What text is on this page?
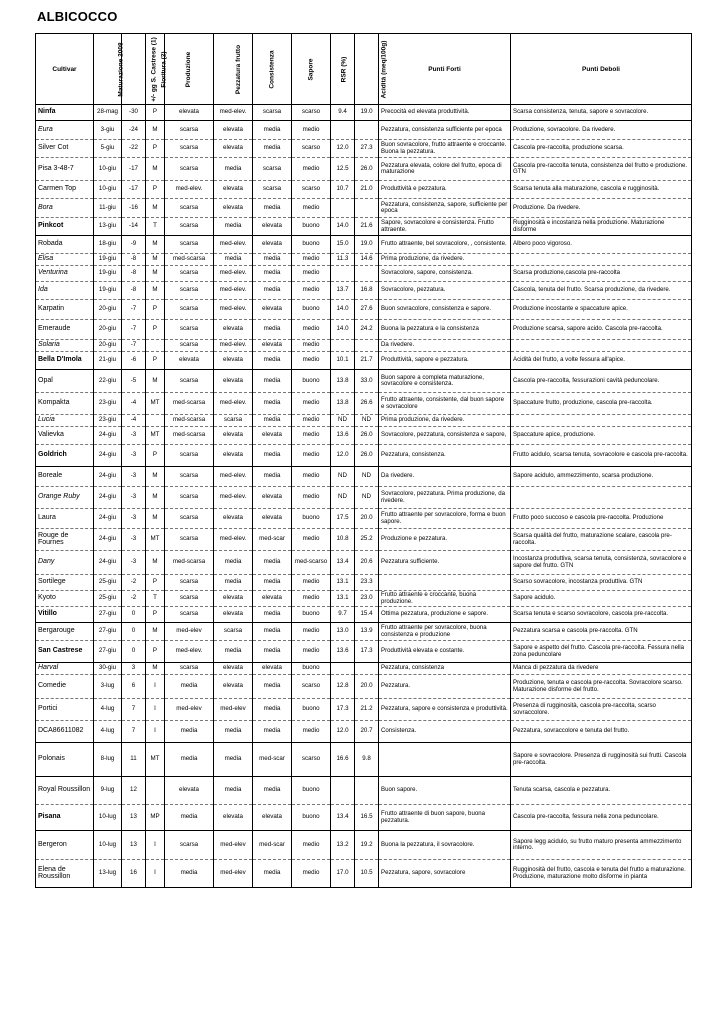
ALBICOCCO
Cultivar	Maturazione 2008	+/- gg S. Castrese (1)	Fioritura (2)	Produzione	Pezzatura frutto	Consistenza	Sapore	RSR (%)	Acidità (meq/100g)	Punti Forti	Punti Deboli
Ninfa	28-mag	-30	P	elevata	med-elev.	scarsa	scarso	9.4	19.0	Precocità ed elevata produttività.	Scarsa consistenza, tenuta, sapore e sovracolore.
Eura	3-giu	-24	M	scarsa	elevata	media	medio			Pezzatura, consistenza sufficiente per epoca	Produzione, sovracolore. Da rivedere.
Silver Cot	5-giu	-22	P	scarsa	elevata	media	scarso	12.0	27.3	Buon sovracolore, frutto attraente e croccante. Buona la pezzatura.	Cascola pre-raccolta, produzione scarsa.
Pisa 3-48-7	10-giu	-17	M	scarsa	media	scarsa	medio	12.5	26.0	Pezzatura elevata, colore del frutto, epoca di maturazione	Cascola pre-raccolta tenuta, consistenza del frutto e produzione. GTN
Carmen Top	10-giu	-17	P	med-elev.	elevata	scarsa	scarso	10.7	21.0	Produttività e pezzatura.	Scarsa tenuta alla maturazione, cascola e rugginosità.
Bora	11-giu	-16	M	scarsa	elevata	media	medio			Pezzatura, consistenza, sapore, sufficiente per epoca	Produzione. Da rivedere.
Pinkcot	13-giu	-14	T	scarsa	media	elevata	buono	14.0	21.6	Sapore, sovracolore e consistenza. Frutto attraente.	Rugginosità e incostanza nella produzione. Maturazione disforme
Robada	18-giu	-9	M	scarsa	med-elev.	elevata	buono	15.0	19.0	Frutto attraente, bel sovracolore, , consistente.	Albero poco vigoroso.
Elisa	19-giu	-8	M	med-scarsa	media	media	medio	11.3	14.6	Prima produzione, da rivedere.	
Venturina	19-giu	-8	M	scarsa	med-elev.	media	medio			Sovracolore, sapore, consistenza.	Scarsa produzione,cascola pre-raccolta
Ida	19-giu	-8	M	scarsa	med-elev.	media	medio	13.7	16.8	Sovracolore, pezzatura.	Cascola, tenuta del frutto. Scarsa produzione, da rivedere.
Karpatin	20-giu	-7	P	scarsa	med-elev.	elevata	buono	14.0	27.6	Buon sovracolore, consistenza e sapore.	Produzione incostante e spaccature apice.
Emeraude	20-giu	-7	P	scarsa	elevata	media	medio	14.0	24.2	Buona la pezzatura e la consistenza	Produzione scarsa, sapore acido. Cascola pre-raccolta.
Solaria	20-giu	-7		scarsa	med-elev.	elevata	medio			Da rivedere.	
Bella D'Imola	21-giu	-6	P	elevata	elevata	media	medio	10.1	21.7	Produttività, sapore e pezzatura.	Acidità del frutto, a volte fessura all'apice.
Opal	22-giu	-5	M	scarsa	elevata	media	buono	13.8	33.0	Buon sapore a completa maturazione, sovracolore e consistenza.	Cascola pre-raccolta, fessurazioni cavità peduncolare.
Kompakta	23-giu	-4	MT	med-scarsa	med-elev.	media	medio	13.8	26.6	Frutto attraente, consistente, dal buon sapore e sovracolore	Spaccature frutto, produzione, cascola pre-raccolta.
Lucia	23-giu	-4		med-scarsa	scarsa	media	medio	ND	ND	Prima produzione, da rivedere.	
Valievka	24-giu	-3	MT	med-scarsa	elevata	elevata	medio	13.6	26.0	Sovracolore, pezzatura, consistenza e sapore,	Spaccature apice, produzione.
Goldrich	24-giu	-3	P	scarsa	elevata	media	medio	12.0	26.0	Pezzatura, consistenza.	Frutto acidulo, scarsa tenuta, sovracolore e cascola pre-raccolta.
Boreale	24-giu	-3	M	scarsa	med-elev.	media	medio	ND	ND	Da rivedere.	Sapore acidulo, ammezzimento, scarsa produzione.
Orange Ruby	24-giu	-3	M	scarsa	med-elev.	elevata	medio	ND	ND	Sovracolore, pezzatura. Prima produzione, da rivedere.	
Laura	24-giu	-3	M	scarsa	elevata	elevata	buono	17.5	20.0	Frutto attraente per sovracolore, forma e buon sapore.	Frutto poco succoso e cascola pre-raccolta. Produzione
Rouge de Fournes	24-giu	-3	MT	scarsa	med-elev.	med-scar	medio	10.8	25.2	Produzione e pezzatura.	Scarsa qualità del frutto, maturazione scalare, cascola pre-raccolta.
Dany	24-giu	-3	M	med-scarsa	media	media	med-scarso	13.4	20.6	Pezzatura sufficiente.	Incostanza produttiva, scarsa tenuta, consistenza, sovracolore e sapore del frutto. GTN
Sortilege	25-giu	-2	P	scarsa	media	media	medio	13.1	23.3		Scarso sovracolore, incostanza produttiva. GTN
Kyoto	25-giu	-2	T	scarsa	elevata	elevata	medio	13.1	23.0	Frutto attraente e croccante, buona produzione.	Sapore acidulo.
Vitillo	27-giu	0	P	scarsa	elevata	media	buono	9.7	15.4	Ottima pezzatura, produzione e sapore.	Scarsa tenuta e scarso sovracolore, cascola pre-raccolta.
Bergarouge	27-giu	0	M	med-elev	scarsa	media	medio	13.0	13.9	Frutto attraente per sovracolore, buona consistenza e produzione	Pezzatura scarsa e cascola pre-raccolta. GTN
San Castrese	27-giu	0	P	med-elev.	media	media	medio	13.6	17.3	Produttività elevata e costante.	Sapore e aspetto del frutto. Cascola pre-raccolta. Fessura nella zona peduncolare
Harval	30-giu	3	M	scarsa	elevata	elevata	buono			Pezzatura, consistenza	Manca di pezzatura da rivedere
Comedie	3-lug	6	I	media	elevata	media	scarso	12.8	20.0	Pezzatura.	Produzione, tenuta e cascola pre-raccolta. Sovracolore scarso. Maturazione disforme del frutto.
Portici	4-lug	7	I	med-elev	med-elev	media	buono	17.3	21.2	Pezzatura, sapore e consistenza e produttività.	Presenza di rugginosità, cascola pre-raccolta, scarso sovraccolore.
DCA86611082	4-lug	7	I	media	media	media	medio	12.0	20.7	Consistenza.	Pezzatura, sovraccolore e tenuta del frutto.
Polonais	8-lug	11	MT	media	media	med-scar	scarso	16.6	9.8		Sapore e sovracolore. Presenza di rugginosità sui frutti. Cascola pre-raccolta.
Royal Roussillon	9-lug	12		elevata	media	media	buono			Buon sapore.	Tenuta scarsa, cascola e pezzatura.
Pisana	10-lug	13	MP	media	elevata	elevata	buono	13.4	16.5	Frutto attraente di buon sapore, buona pezzatura.	Cascola pre-raccolta, fessura nella zona peduncolare.
Bergeron	10-lug	13	I	scarsa	med-elev	med-scar	medio	13.2	19.2	Buona la pezzatura, il sovracolore.	Sapore legg acidulo, su frutto maturo presenta ammezzimento interno.
Elena de Roussillon	13-lug	16	I	media	med-elev	media	medio	17.0	10.5	Pezzatura, sapore, sovracolore	Rugginosità del frutto, cascola e tenuta del frutto a maturazione. Produzione, maturazione molto disforme in pianta
